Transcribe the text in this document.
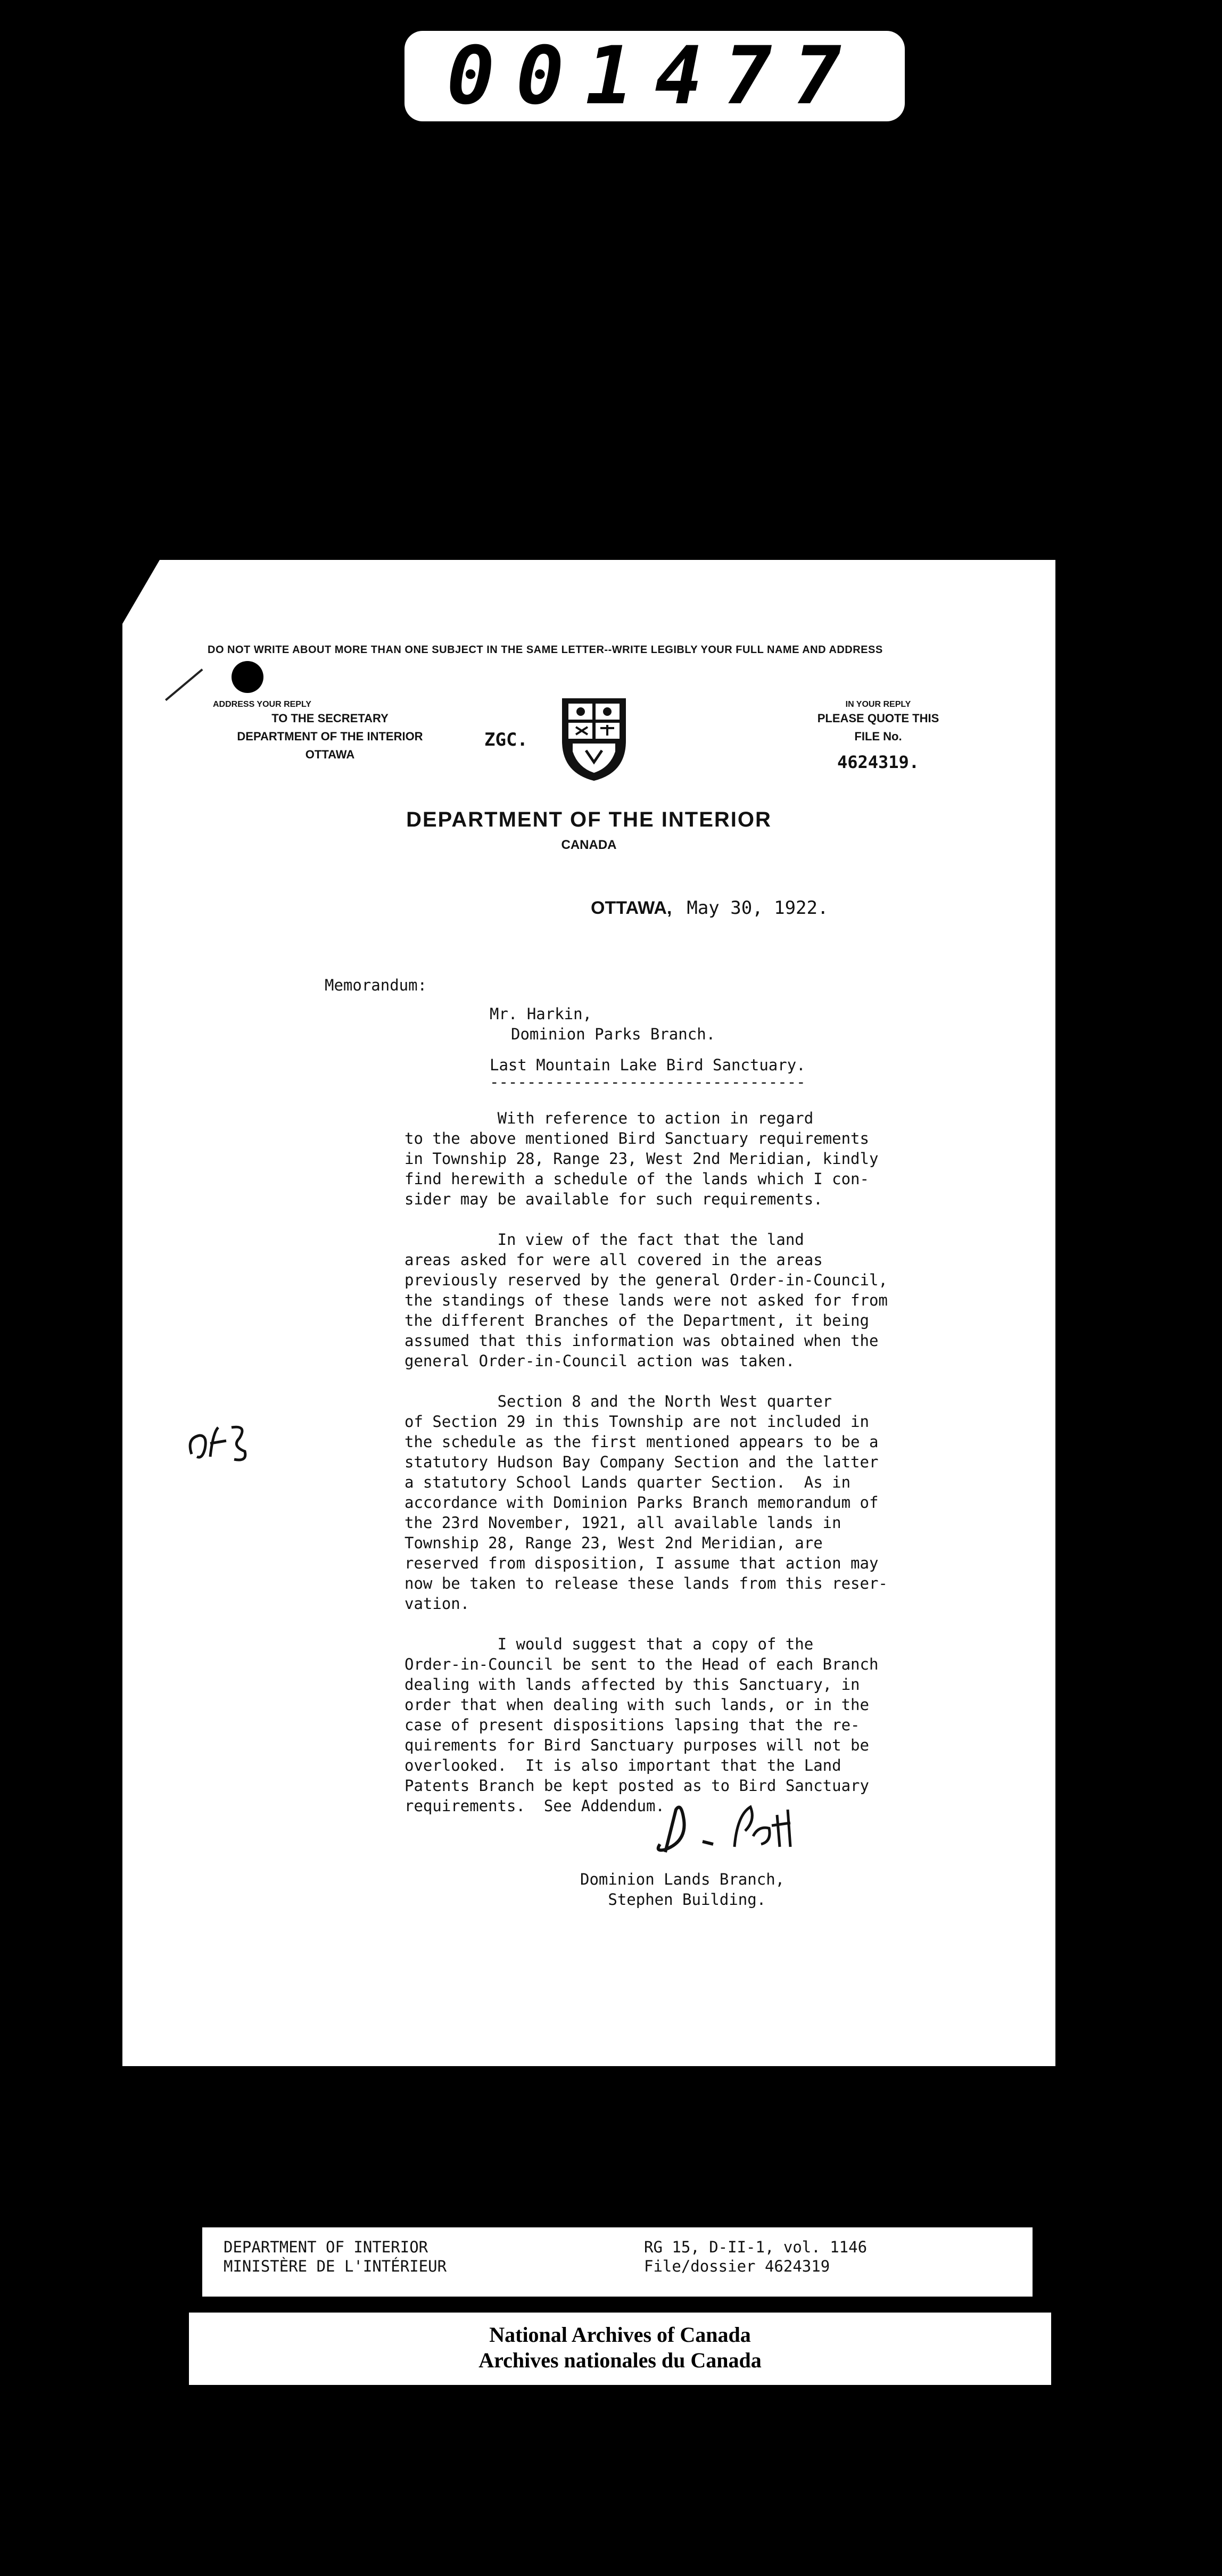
001477
DO NOT WRITE ABOUT MORE THAN ONE SUBJECT IN THE SAME LETTER--WRITE LEGIBLY YOUR FULL NAME AND ADDRESS
ADDRESS YOUR REPLY
TO THE SECRETARY
DEPARTMENT OF THE INTERIOR
OTTAWA
ZGC.
IN YOUR REPLY
PLEASE QUOTE THIS
FILE No.
4624319.
DEPARTMENT OF THE INTERIOR
CANADA
OTTAWA, May 30, 1922.
Memorandum:
Mr. Harkin,
Dominion Parks Branch.
Last Mountain Lake Bird Sanctuary.
----------------------------------
With reference to action in regard
to the above mentioned Bird Sanctuary requirements
in Township 28, Range 23, West 2nd Meridian, kindly
find herewith a schedule of the lands which I con-
sider may be available for such requirements.

In view of the fact that the land
areas asked for were all covered in the areas
previously reserved by the general Order-in-Council,
the standings of these lands were not asked for from
the different Branches of the Department, it being
assumed that this information was obtained when the
general Order-in-Council action was taken.

Section 8 and the North West quarter
of Section 29 in this Township are not included in
the schedule as the first mentioned appears to be a
statutory Hudson Bay Company Section and the latter
a statutory School Lands quarter Section.  As in
accordance with Dominion Parks Branch memorandum of
the 23rd November, 1921, all available lands in
Township 28, Range 23, West 2nd Meridian, are
reserved from disposition, I assume that action may
now be taken to release these lands from this reser-
vation.

I would suggest that a copy of the
Order-in-Council be sent to the Head of each Branch
dealing with lands affected by this Sanctuary, in
order that when dealing with such lands, or in the
case of present dispositions lapsing that the re-
quirements for Bird Sanctuary purposes will not be
overlooked.  It is also important that the Land
Patents Branch be kept posted as to Bird Sanctuary
requirements.  See Addendum.
Dominion Lands Branch,
Stephen Building.
DEPARTMENT OF INTERIOR
MINISTÈRE DE L'INTÉRIEUR
RG 15, D-II-1, vol. 1146
File/dossier 4624319
National Archives of Canada
Archives nationales du Canada
